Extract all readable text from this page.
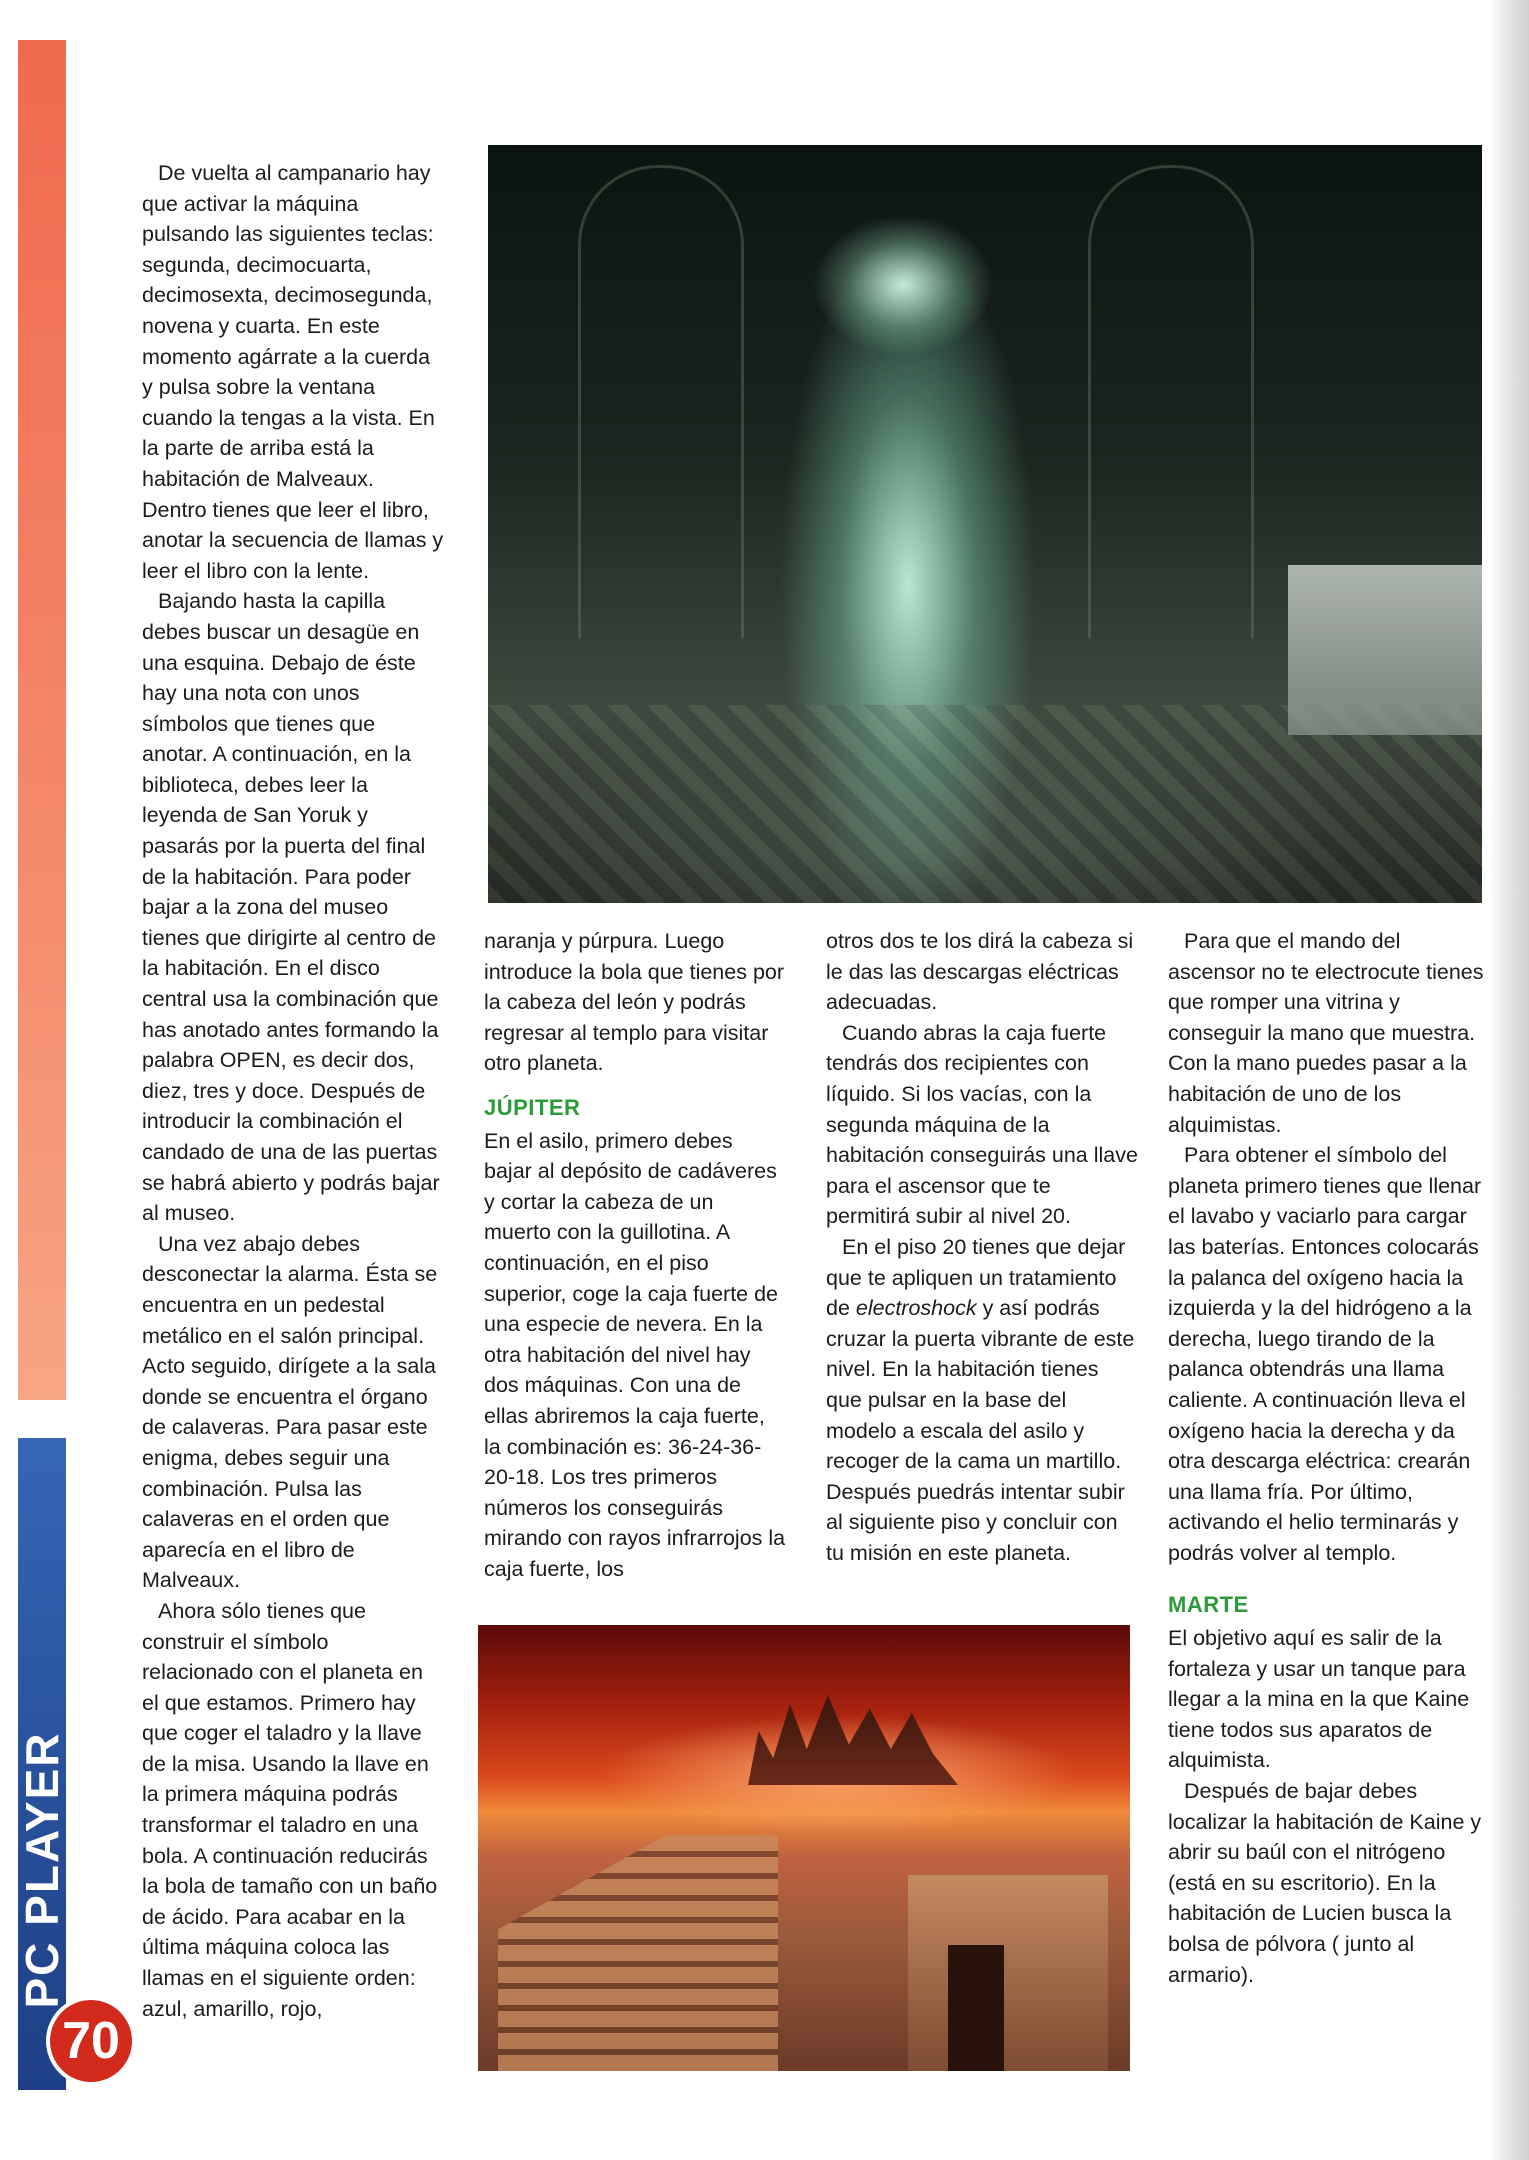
PC PLAYER
70

De vuelta al campanario hay que activar la máquina pulsando las siguientes teclas: segunda, decimocuarta, decimosexta, decimosegunda, novena y cuarta. En este momento agárrate a la cuerda y pulsa sobre la ventana cuando la tengas a la vista. En la parte de arriba está la habitación de Malveaux. Dentro tienes que leer el libro, anotar la secuencia de llamas y leer el libro con la lente.

Bajando hasta la capilla debes buscar un desagüe en una esquina. Debajo de éste hay una nota con unos símbolos que tienes que anotar. A continuación, en la biblioteca, debes leer la leyenda de San Yoruk y pasarás por la puerta del final de la habitación. Para poder bajar a la zona del museo tienes que dirigirte al centro de la habitación. En el disco central usa la combinación que has anotado antes formando la palabra OPEN, es decir dos, diez, tres y doce. Después de introducir la combinación el candado de una de las puertas se habrá abierto y podrás bajar al museo.

Una vez abajo debes desconectar la alarma. Ésta se encuentra en un pedestal metálico en el salón principal. Acto seguido, dirígete a la sala donde se encuentra el órgano de calaveras. Para pasar este enigma, debes seguir una combinación. Pulsa las calaveras en el orden que aparecía en el libro de Malveaux.

Ahora sólo tienes que construir el símbolo relacionado con el planeta en el que estamos. Primero hay que coger el taladro y la llave de la misa. Usando la llave en la primera máquina podrás transformar el taladro en una bola. A continuación reducirás la bola de tamaño con un baño de ácido. Para acabar en la última máquina coloca las llamas en el siguiente orden: azul, amarillo, rojo,

naranja y púrpura. Luego introduce la bola que tienes por la cabeza del león y podrás regresar al templo para visitar otro planeta.

JÚPITER

En el asilo, primero debes bajar al depósito de cadáveres y cortar la cabeza de un muerto con la guillotina. A continuación, en el piso superior, coge la caja fuerte de una especie de nevera. En la otra habitación del nivel hay dos máquinas. Con una de ellas abriremos la caja fuerte, la combinación es: 36-24-36-20-18. Los tres primeros números los conseguirás mirando con rayos infrarrojos la caja fuerte, los

otros dos te los dirá la cabeza si le das las descargas eléctricas adecuadas.

Cuando abras la caja fuerte tendrás dos recipientes con líquido. Si los vacías, con la segunda máquina de la habitación conseguirás una llave para el ascensor que te permitirá subir al nivel 20.

En el piso 20 tienes que dejar que te apliquen un tratamiento de electroshock y así podrás cruzar la puerta vibrante de este nivel. En la habitación tienes que pulsar en la base del modelo a escala del asilo y recoger de la cama un martillo. Después puedrás intentar subir al siguiente piso y concluir con tu misión en este planeta.

Para que el mando del ascensor no te electrocute tienes que romper una vitrina y conseguir la mano que muestra. Con la mano puedes pasar a la habitación de uno de los alquimistas.

Para obtener el símbolo del planeta primero tienes que llenar el lavabo y vaciarlo para cargar las baterías. Entonces colocarás la palanca del oxígeno hacia la izquierda y la del hidrógeno a la derecha, luego tirando de la palanca obtendrás una llama caliente. A continuación lleva el oxígeno hacia la derecha y da otra descarga eléctrica: crearán una llama fría. Por último, activando el helio terminarás y podrás volver al templo.

MARTE

El objetivo aquí es salir de la fortaleza y usar un tanque para llegar a la mina en la que Kaine tiene todos sus aparatos de alquimista.

Después de bajar debes localizar la habitación de Kaine y abrir su baúl con el nitrógeno (está en su escritorio). En la habitación de Lucien busca la bolsa de pólvora ( junto al armario).
